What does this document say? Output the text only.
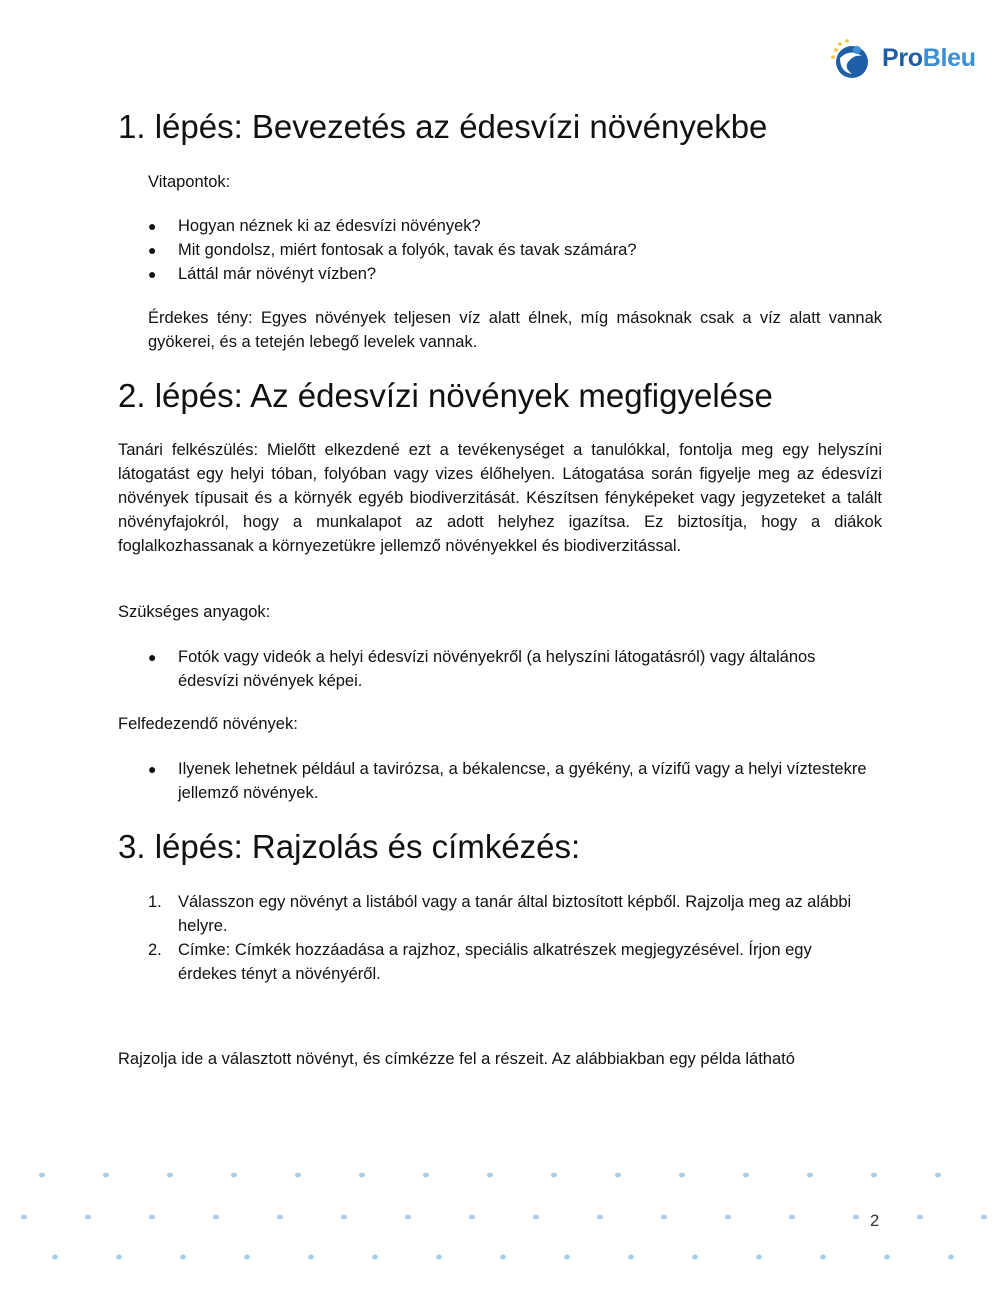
ProBleu
1. lépés: Bevezetés az édesvízi növényekbe

Vitapontok:

● Hogyan néznek ki az édesvízi növények?
● Mit gondolsz, miért fontosak a folyók, tavak és tavak számára?
● Láttál már növényt vízben?

Érdekes tény: Egyes növények teljesen víz alatt élnek, míg másoknak csak a víz alatt vannak gyökerei, és a tetején lebegő levelek vannak.

2. lépés: Az édesvízi növények megfigyelése

Tanári felkészülés: Mielőtt elkezdené ezt a tevékenységet a tanulókkal, fontolja meg egy helyszíni látogatást egy helyi tóban, folyóban vagy vizes élőhelyen. Látogatása során figyelje meg az édesvízi növények típusait és a környék egyéb biodiverzitását. Készítsen fényképeket vagy jegyzeteket a talált növényfajokról, hogy a munkalapot az adott helyhez igazítsa. Ez biztosítja, hogy a diákok foglalkozhassanak a környezetükre jellemző növényekkel és biodiverzitással.

Szükséges anyagok:

● Fotók vagy videók a helyi édesvízi növényekről (a helyszíni látogatásról) vagy általános édesvízi növények képei.

Felfedezendő növények:

● Ilyenek lehetnek például a tavirózsa, a békalencse, a gyékény, a vízifű vagy a helyi víztestekre jellemző növények.
3. lépés: Rajzolás és címkézés:
1. Válasszon egy növényt a listából vagy a tanár által biztosított képből. Rajzolja meg az alábbi helyre.
2. Címke: Címkék hozzáadása a rajzhoz, speciális alkatrészek megjegyzésével. Írjon egy érdekes tényt a növényéről.

Rajzolja ide a választott növényt, és címkézze fel a részeit. Az alábbiakban egy példa látható

2
